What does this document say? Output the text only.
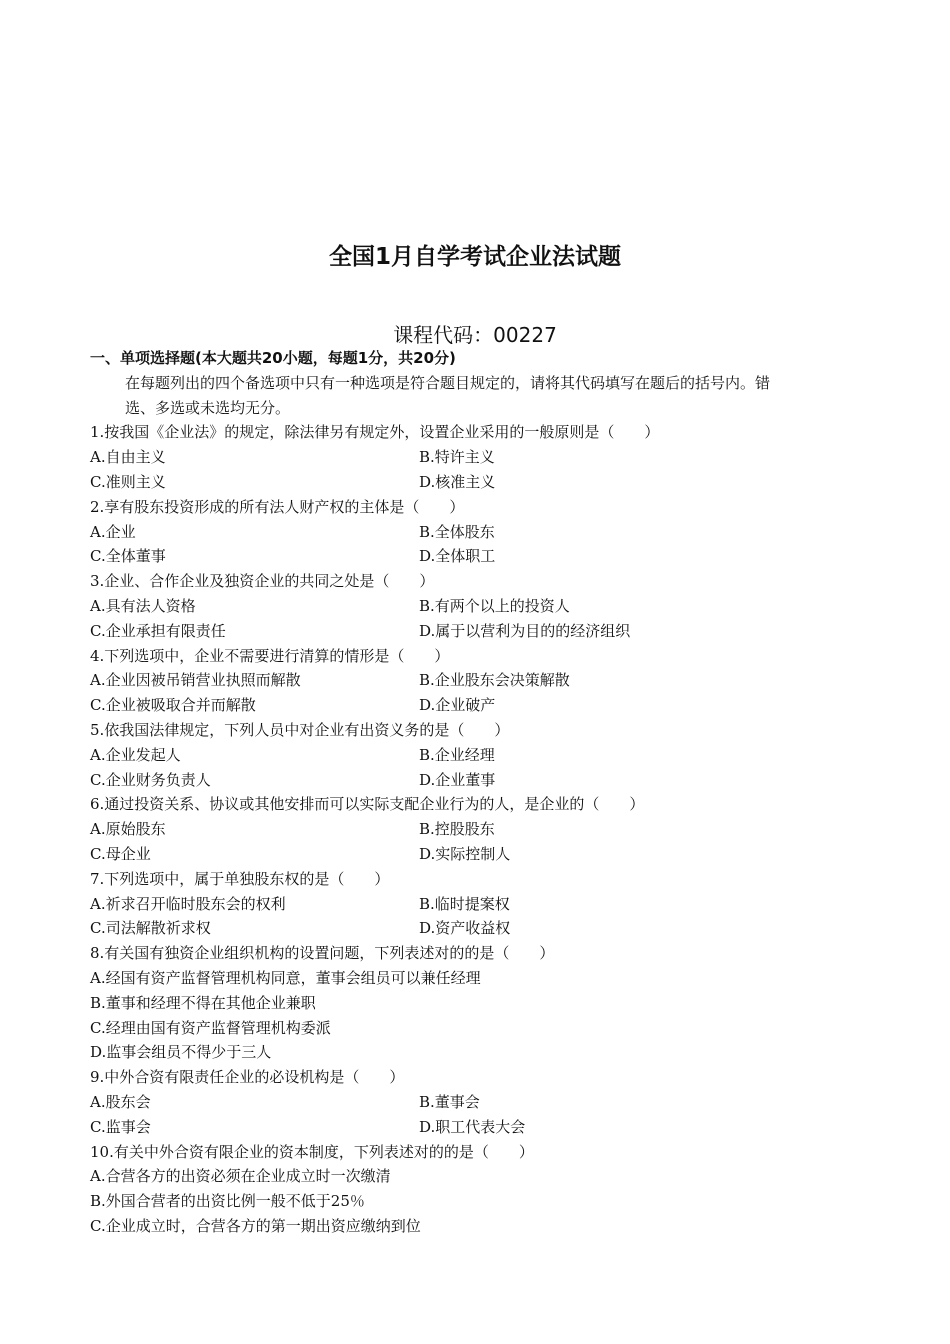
全国1月自学考试企业法试题
课程代码：00227
一、单项选择题(本大题共20小题，每题1分，共20分)
在每题列出的四个备选项中只有一种选项是符合题目规定的，请将其代码填写在题后的括号内。错
选、多选或未选均无分。
1.按我国《企业法》的规定，除法律另有规定外，设置企业采用的一般原则是（　　）
A.自由主义	B.特许主义
C.准则主义	D.核准主义
2.享有股东投资形成的所有法人财产权的主体是（　　）
A.企业	B.全体股东
C.全体董事	D.全体职工
3.企业、合作企业及独资企业的共同之处是（　　）
A.具有法人资格	B.有两个以上的投资人
C.企业承担有限责任	D.属于以营利为目的的经济组织
4.下列选项中，企业不需要进行清算的情形是（　　）
A.企业因被吊销营业执照而解散	B.企业股东会决策解散
C.企业被吸取合并而解散	D.企业破产
5.依我国法律规定，下列人员中对企业有出资义务的是（　　）
A.企业发起人	B.企业经理
C.企业财务负责人	D.企业董事
6.通过投资关系、协议或其他安排而可以实际支配企业行为的人，是企业的（　　）
A.原始股东	B.控股股东
C.母企业	D.实际控制人
7.下列选项中，属于单独股东权的是（　　）
A.祈求召开临时股东会的权利	B.临时提案权
C.司法解散祈求权	D.资产收益权
8.有关国有独资企业组织机构的设置问题，下列表述对的的是（　　）
A.经国有资产监督管理机构同意，董事会组员可以兼任经理
B.董事和经理不得在其他企业兼职
C.经理由国有资产监督管理机构委派
D.监事会组员不得少于三人
9.中外合资有限责任企业的必设机构是（　　）
A.股东会	B.董事会
C.监事会	D.职工代表大会
10.有关中外合资有限企业的资本制度，下列表述对的的是（　　）
A.合营各方的出资必须在企业成立时一次缴清
B.外国合营者的出资比例一般不低于25％
C.企业成立时，合营各方的第一期出资应缴纳到位
